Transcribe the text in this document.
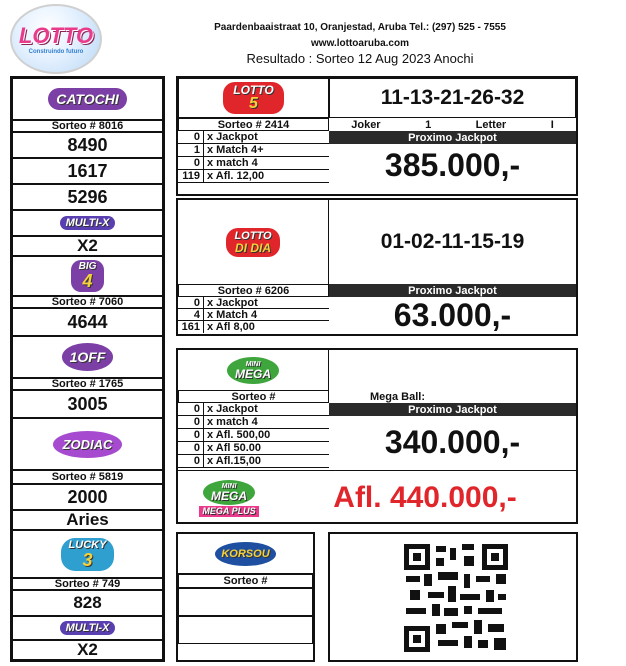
LOTTO
Construindo futuro
Paardenbaaistraat 10, Oranjestad, Aruba Tel.: (297) 525 - 7555
www.lottoaruba.com
Resultado : Sorteo 12 Aug 2023 Anochi
CATOCHI
Sorteo # 8016
8490
1617
5296
MULTI-X
X2
BIG
4
Sorteo # 7060
4644
1OFF
Sorteo # 1765
3005
ZODIAC
Sorteo # 5819
2000
Aries
LUCKY
3
Sorteo # 749
828
MULTI-X
X2
LOTTO
5	11-13-21-26-32
Sorteo # 2414	Joker	1	Letter	I
0 x Jackpot
1 x Match 4+
0 x match 4
119 x Afl. 12,00
Proximo Jackpot
385.000,-
LOTTO
DI DIA	01-02-11-15-19
Sorteo # 6206
0 x Jackpot
4 x Match 4
161 x Afl 8,00
Proximo Jackpot
63.000,-
MINI
MEGA
Sorteo #	Mega Ball:
0 x Jackpot
0 x match 4
0 x Afl. 500,00
0 x Afl 50.00
0 x Afl.15,00
Proximo Jackpot
340.000,-
MINI
MEGA
MEGA PLUS	Afl. 440.000,-
KORSOU
Sorteo #
